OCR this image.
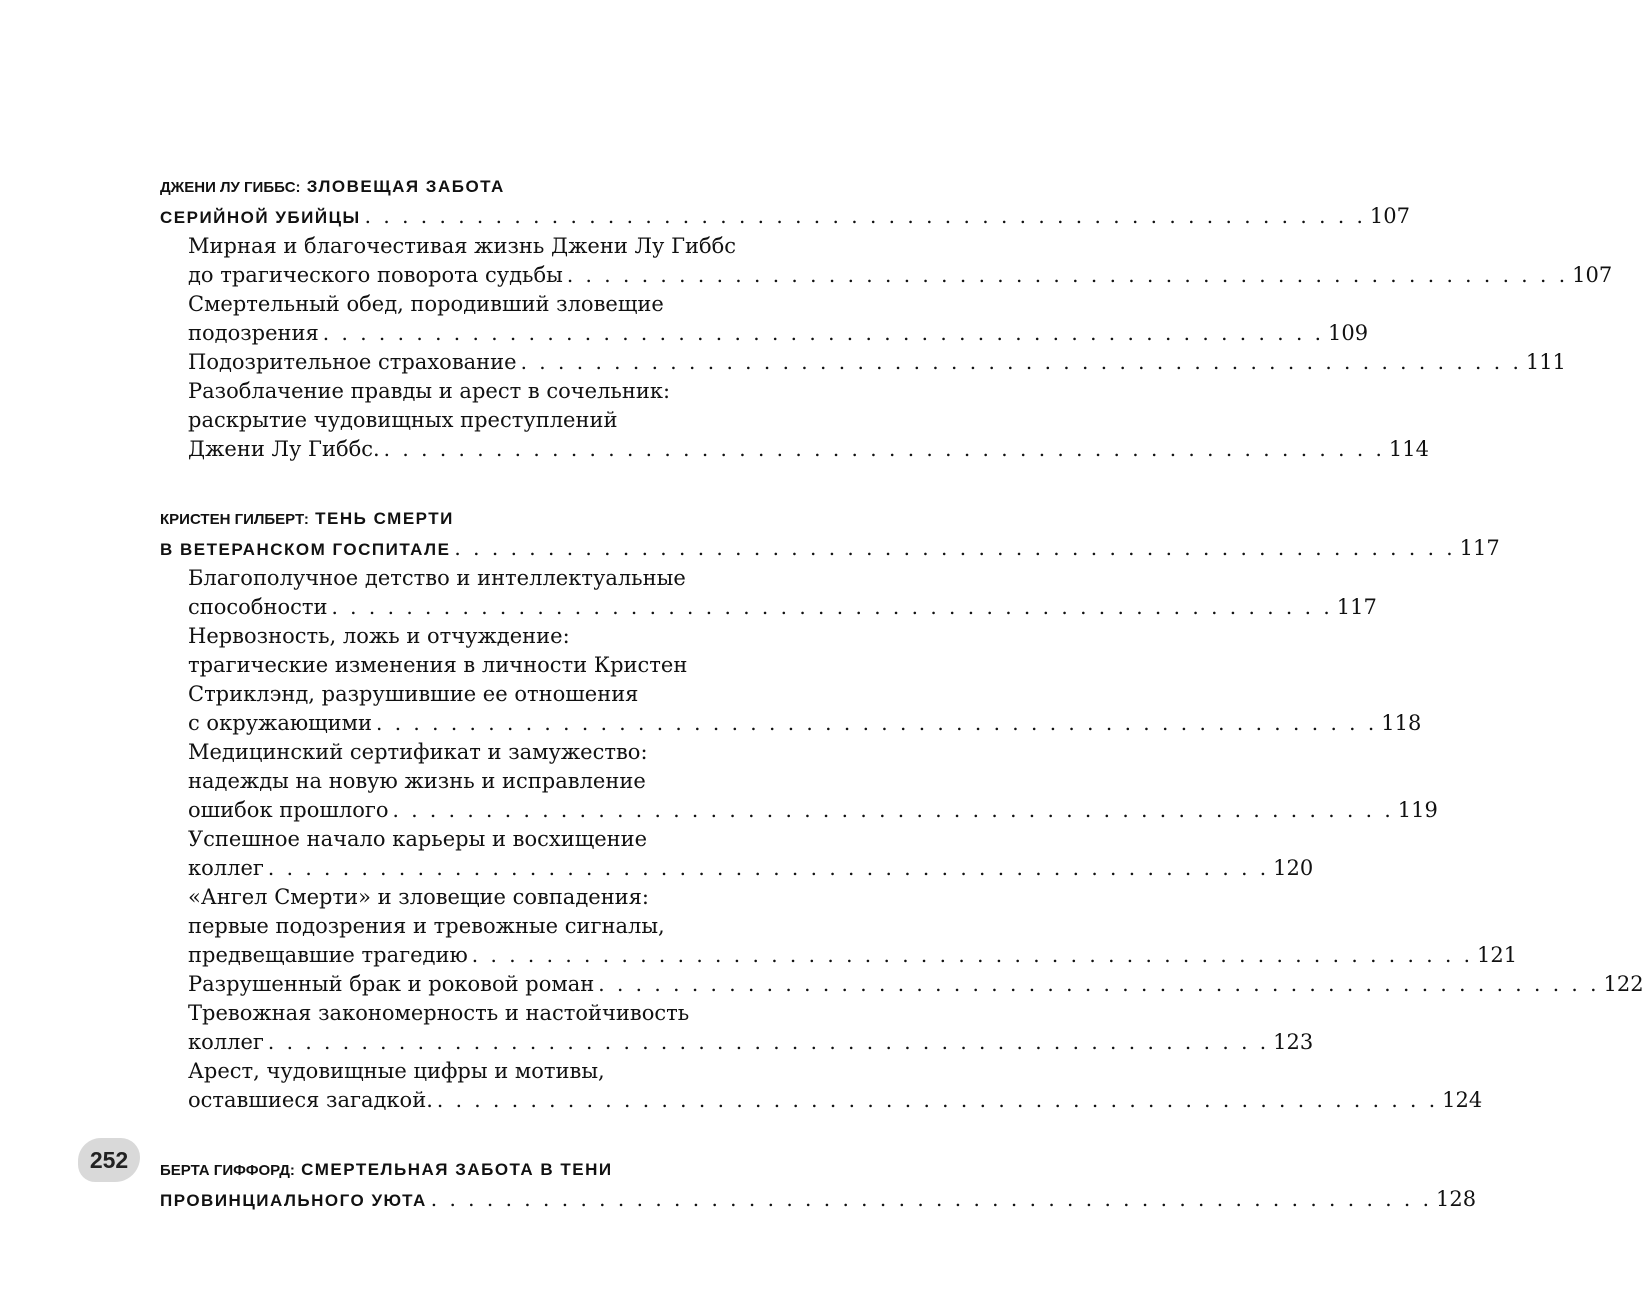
252
ДЖЕНИ ЛУ ГИББС: ЗЛОВЕЩАЯ ЗАБОТА
СЕРИЙНОЙ УБИЙЦЫ . . . . . . . . . . . . . . . . . . . . . . . . . . . . . . . . . . . . . . . . . . . . . . . . . . . . . . 107
Мирная и благочестивая жизнь Джени Лу Гиббс
до трагического поворота судьбы . . . . . . . . . . . . . . . . . . . . . . . . . . . . . . . . . . . . . . . . . . . . . . . . . . . . . . 107
Смертельный обед, породивший зловещие
подозрения . . . . . . . . . . . . . . . . . . . . . . . . . . . . . . . . . . . . . . . . . . . . . . . . . . . . . . 109
Подозрительное страхование . . . . . . . . . . . . . . . . . . . . . . . . . . . . . . . . . . . . . . . . . . . . . . . . . . . . . . 111
Разоблачение правды и арест в сочельник:
раскрытие чудовищных преступлений
Джени Лу Гиббс. . . . . . . . . . . . . . . . . . . . . . . . . . . . . . . . . . . . . . . . . . . . . . . . . . . . . . . 114
КРИСТЕН ГИЛБЕРТ: ТЕНЬ СМЕРТИ
В ВЕТЕРАНСКОМ ГОСПИТАЛЕ . . . . . . . . . . . . . . . . . . . . . . . . . . . . . . . . . . . . . . . . . . . . . . . . . . . . . . 117
Благополучное детство и интеллектуальные
способности . . . . . . . . . . . . . . . . . . . . . . . . . . . . . . . . . . . . . . . . . . . . . . . . . . . . . . 117
Нервозность, ложь и отчуждение:
трагические изменения в личности Кристен
Стриклэнд, разрушившие ее отношения
с окружающими . . . . . . . . . . . . . . . . . . . . . . . . . . . . . . . . . . . . . . . . . . . . . . . . . . . . . . 118
Медицинский сертификат и замужество:
надежды на новую жизнь и исправление
ошибок прошлого . . . . . . . . . . . . . . . . . . . . . . . . . . . . . . . . . . . . . . . . . . . . . . . . . . . . . . 119
Успешное начало карьеры и восхищение
коллег . . . . . . . . . . . . . . . . . . . . . . . . . . . . . . . . . . . . . . . . . . . . . . . . . . . . . . 120
«Ангел Смерти» и зловещие совпадения:
первые подозрения и тревожные сигналы,
предвещавшие трагедию . . . . . . . . . . . . . . . . . . . . . . . . . . . . . . . . . . . . . . . . . . . . . . . . . . . . . . 121
Разрушенный брак и роковой роман . . . . . . . . . . . . . . . . . . . . . . . . . . . . . . . . . . . . . . . . . . . . . . . . . . . . . . 122
Тревожная закономерность и настойчивость
коллег . . . . . . . . . . . . . . . . . . . . . . . . . . . . . . . . . . . . . . . . . . . . . . . . . . . . . . 123
Арест, чудовищные цифры и мотивы,
оставшиеся загадкой. . . . . . . . . . . . . . . . . . . . . . . . . . . . . . . . . . . . . . . . . . . . . . . . . . . . . . . 124
БЕРТА ГИФФОРД: СМЕРТЕЛЬНАЯ ЗАБОТА В ТЕНИ
ПРОВИНЦИАЛЬНОГО УЮТА . . . . . . . . . . . . . . . . . . . . . . . . . . . . . . . . . . . . . . . . . . . . . . . . . . . . . . 128
